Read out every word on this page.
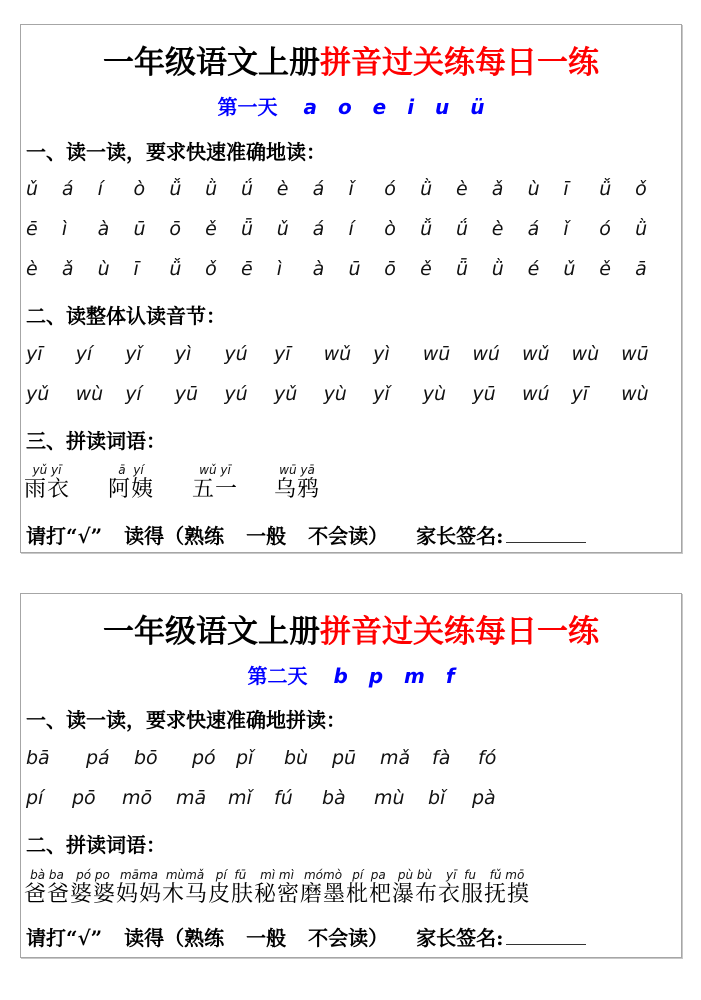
一年级语文上册拼音过关练每日一练
第一天 a o e i u ü
一、读一读，要求快速准确地读：
ǔ	á	í	ò	ǚ	ǜ	ǘ	è	á	ǐ	ó	ǜ	è	ǎ	ù	ī	ǚ	ǒ
ē	ì	à	ū	ō	ě	ǖ	ǔ	á	í	ò	ǚ	ǘ	è	á	ǐ	ó	ǜ
è	ǎ	ù	ī	ǚ	ǒ	ē	ì	à	ū	ō	ě	ǖ	ǜ	é	ǔ	ě	ā
二、读整体认读音节：
yī	yí	yǐ	yì	yú	yī	wǔ	yì	wū	wú	wǔ	wù	wū
yǔ	wù	yí	yū	yú	yǔ	yù	yǐ	yù	yū	wú	yī	wù
三、拼读词语：
yǔ yī
雨衣
ā  yí
阿姨
wǔ yī
五一
wū yā
乌鸦
请打“√” 读得（ 熟练 一般 不会读） 家长签名:
一年级语文上册拼音过关练每日一练
第二天 b p m f
一、读一读，要求快速准确地拼读：
bā pá bō pó pǐ bù pū mǎ fà fó
pí pō mō mā mǐ fú bà mù bǐ pà
二、拼读词语：
bà ba
爸爸
pó po
婆婆
māma
妈妈
mùmǎ
木马
pí  fū
皮肤
mì mì
秘密
mómò
磨墨
pí  pa
枇杷
pù bù
瀑布
yī  fu
衣服
fǔ mō
抚摸
请打“√” 读得（ 熟练 一般 不会读） 家长签名:
